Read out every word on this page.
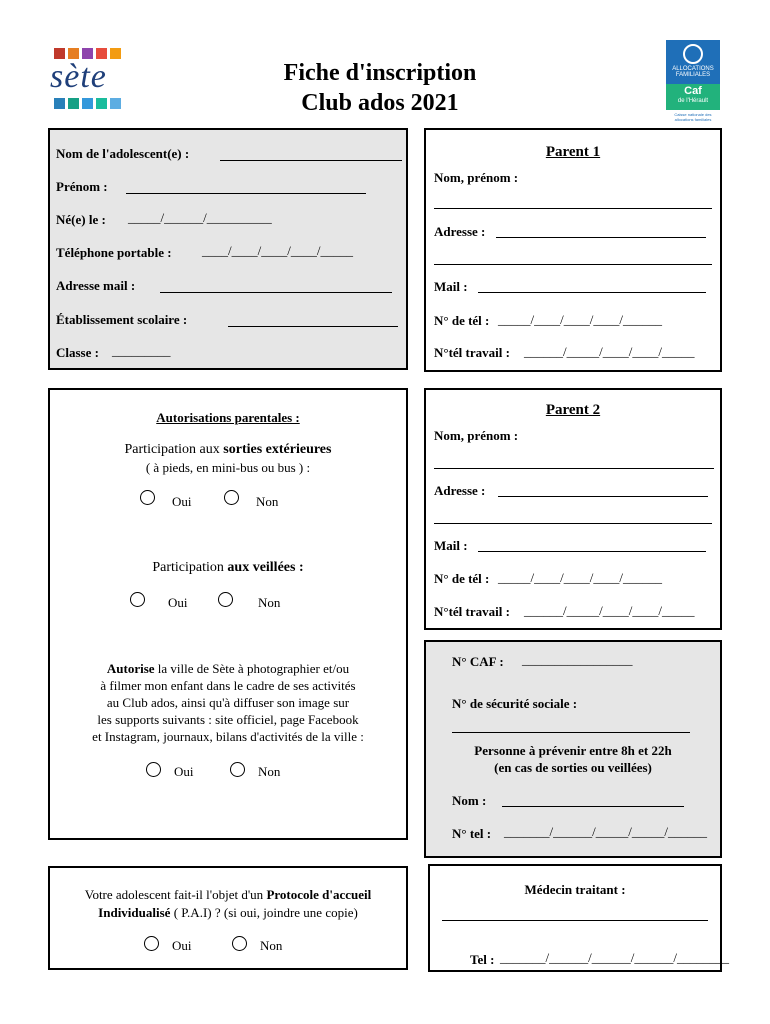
sète	Fiche d'inscription
Club ados 2021
ALLOCATIONS
FAMILIALES
Caf
de l'Hérault
Caisse nationale des allocations familiales
Nom de l'adolescent(e) :
Prénom :
Né(e) le : _____/______/__________
Téléphone portable : ____/____/____/____/_____
Adresse mail :
Établissement scolaire :
Classe : _________
Parent 1
Nom, prénom :
Adresse :
Mail :
N° de tél : _____/____/____/____/______
N°tél travail : ______/_____/____/____/_____
Autorisations parentales :
Participation aux sorties extérieures
( à pieds, en mini-bus ou bus ) :
Oui	Non
Participation aux veillées :
Oui	Non
Autorise la ville de Sète à photographier et/ou
à filmer mon enfant dans le cadre de ses activités
au Club ados, ainsi qu'à diffuser son image sur
les supports suivants : site officiel, page Facebook
et Instagram, journaux, bilans d'activités de la ville :
Oui	Non
Parent 2
Nom, prénom :
Adresse :
Mail :
N° de tél : _____/____/____/____/______
N°tél travail : ______/_____/____/____/_____
N° CAF : _________________
N° de sécurité sociale :
Personne à prévenir entre 8h et 22h
(en cas de sorties ou veillées)
Nom :
N° tel : _______/______/_____/_____/______
Votre adolescent fait-il l'objet d'un Protocole d'accueil
Individualisé ( P.A.I) ? (si oui, joindre une copie)
Oui	Non
Médecin traitant :
Tel : _______/______/______/______/________
